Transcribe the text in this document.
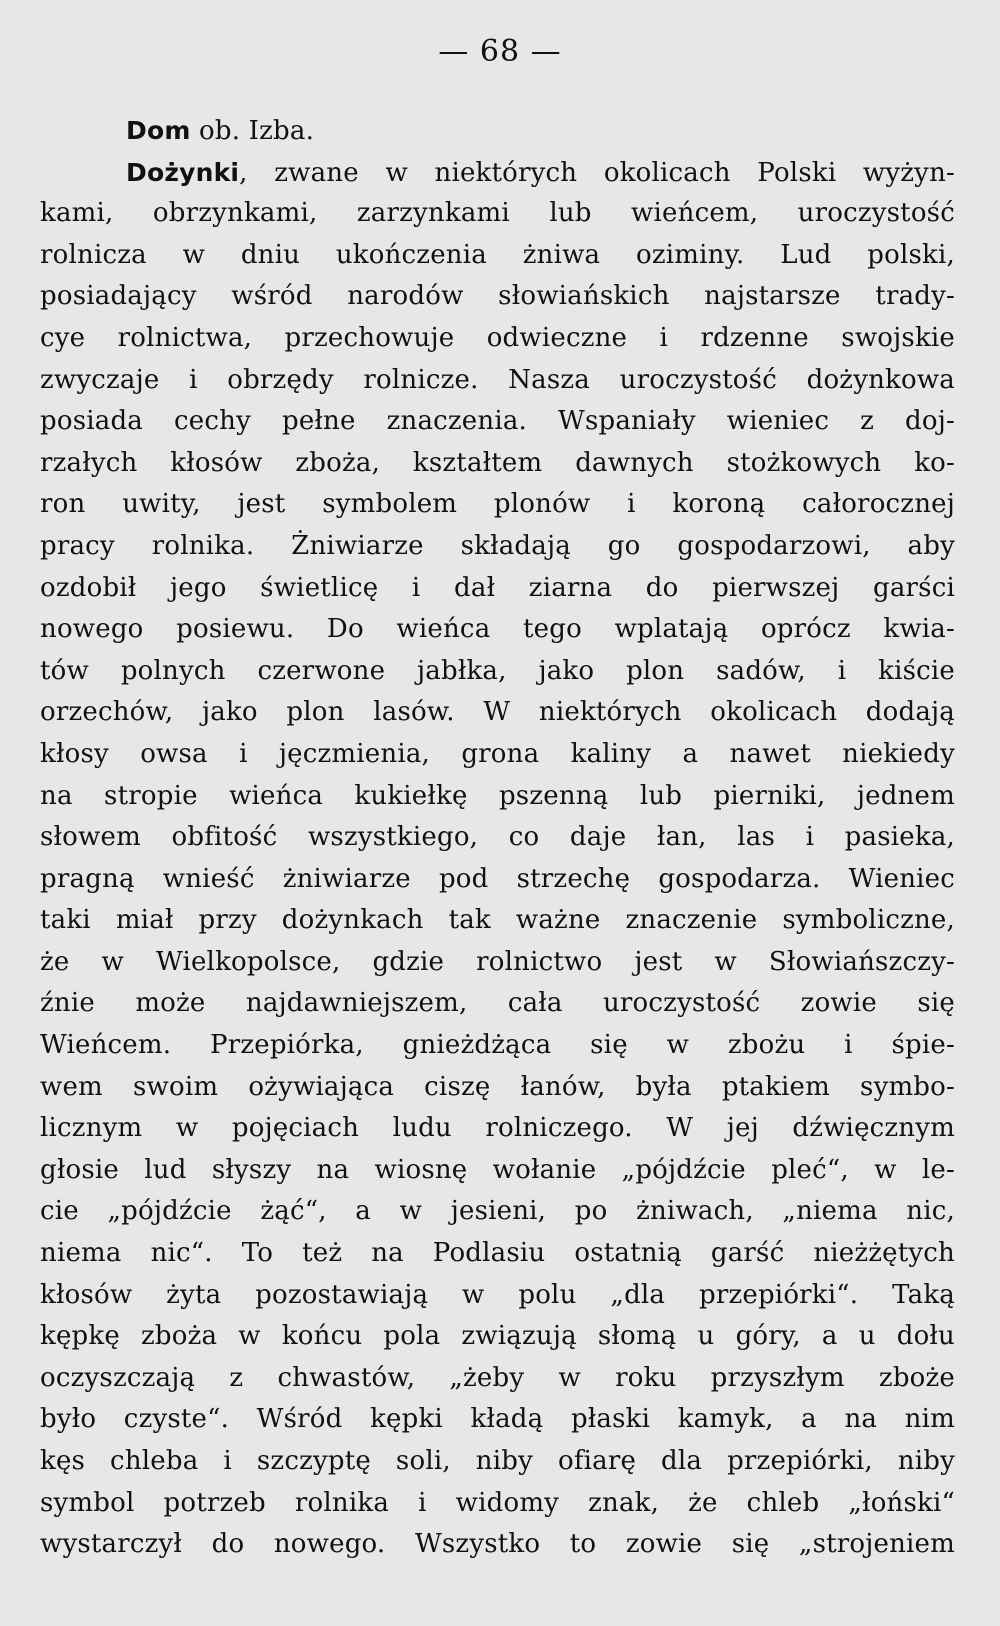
— 68 —
Dom ob. Izba.
Dożynki, zwane w niektórych okolicach Polski wyżyn-
kami, obrzynkami, zarzynkami lub wieńcem, uroczystość
rolnicza w dniu ukończenia żniwa oziminy. Lud polski,
posiadający wśród narodów słowiańskich najstarsze trady-
cye rolnictwa, przechowuje odwieczne i rdzenne swojskie
zwyczaje i obrzędy rolnicze. Nasza uroczystość dożynkowa
posiada cechy pełne znaczenia. Wspaniały wieniec z doj-
rzałych kłosów zboża, kształtem dawnych stożkowych ko-
ron uwity, jest symbolem plonów i koroną całorocznej
pracy rolnika. Żniwiarze składają go gospodarzowi, aby
ozdobił jego świetlicę i dał ziarna do pierwszej garści
nowego posiewu. Do wieńca tego wplatają oprócz kwia-
tów polnych czerwone jabłka, jako plon sadów, i kiście
orzechów, jako plon lasów. W niektórych okolicach dodają
kłosy owsa i jęczmienia, grona kaliny a nawet niekiedy
na stropie wieńca kukiełkę pszenną lub pierniki, jednem
słowem obfitość wszystkiego, co daje łan, las i pasieka,
pragną wnieść żniwiarze pod strzechę gospodarza. Wieniec
taki miał przy dożynkach tak ważne znaczenie symboliczne,
że w Wielkopolsce, gdzie rolnictwo jest w Słowiańszczy-
źnie może najdawniejszem, cała uroczystość zowie się
Wieńcem. Przepiórka, gnieżdżąca się w zbożu i śpie-
wem swoim ożywiająca ciszę łanów, była ptakiem symbo-
licznym w pojęciach ludu rolniczego. W jej dźwięcznym
głosie lud słyszy na wiosnę wołanie „pójdźcie pleć“, w le-
cie „pójdźcie żąć“, a w jesieni, po żniwach, „niema nic,
niema nic“. To też na Podlasiu ostatnią garść nieżżętych
kłosów żyta pozostawiają w polu „dla przepiórki“. Taką
kępkę zboża w końcu pola związują słomą u góry, a u dołu
oczyszczają z chwastów, „żeby w roku przyszłym zboże
było czyste“. Wśród kępki kładą płaski kamyk, a na nim
kęs chleba i szczyptę soli, niby ofiarę dla przepiórki, niby
symbol potrzeb rolnika i widomy znak, że chleb „łoński“
wystarczył do nowego. Wszystko to zowie się „strojeniem
